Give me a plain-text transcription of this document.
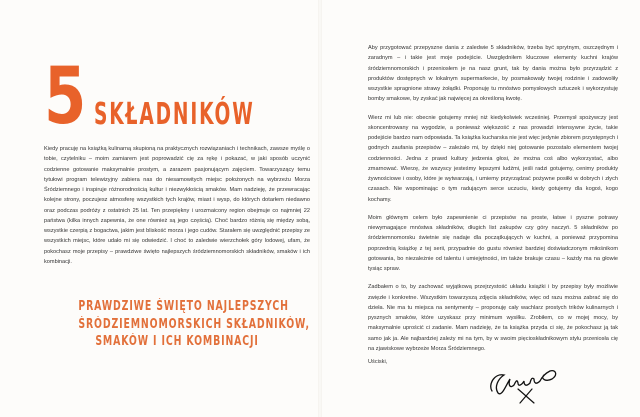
5 SKŁADNIKÓW
Kiedy pracuję na książką kulinarną skupioną na praktycznych rozwiązaniach i technikach, zawsze myślę o tobie, czytelniku – moim zamiarem jest poprowadzić cię za rękę i pokazać, w jaki sposób uczynić codzienne gotowanie maksymalnie prostym, a zarazem pasjonującym zajęciem. Towarzyszący temu tytułowi program telewizyjny zabiera nas do niesamowitych miejsc położonych na wybrzeżu Morza Śródziemnego i inspiruje różnorodnością kultur i niezwykłością smaków. Mam nadzieję, że przewracając kolejne strony, poczujesz atmosferę wszystkich tych krajów, miast i wysp, do których dotarłem niedawno oraz podczas podróży z ostatnich 25 lat. Ten przepiękny i urozmaicony region obejmuje co najmniej 22 państwa (kilka innych zapewnia, że one również są jego częścią). Choć bardzo różnią się między sobą, wszystkie czerpią z bogactwa, jakim jest bliskość morza i jego cudów. Starałem się uwzględnić przepisy ze wszystkich miejsc, które udało mi się odwiedzić. I choć to zaledwie wierzchołek góry lodowej, ufam, że pokochasz moje przepisy – prawdziwe święto najlepszych śródziemnomorskich składników, smaków i ich kombinacji.
PRAWDZIWE ŚWIĘTO NAJLEPSZYCH
ŚRÓDZIEMNOMORSKICH SKŁADNIKÓW,
SMAKÓW I ICH KOMBINACJI

Aby przygotować przepyszne dania z zaledwie 5 składników, trzeba być sprytnym, oszczędnym i zaradnym – i takie jest moje podejście. Uwzględniłem kluczowe elementy kuchni krajów śródziemnomorskich i przeniosłem je na nasz grunt, tak by dania można było przyrządzić z produktów dostępnych w lokalnym supermarkecie, by posmakowały twojej rodzinie i zadowoliły wszystkie spragnione strawy żołądki. Proponuję tu mnóstwo pomysłowych sztuczek i wykorzystuję bomby smakowe, by zyskać jak najwięcej za określoną kwotę.

Wierz mi lub nie: obecnie gotujemy mniej niż kiedykolwiek wcześniej. Przemysł spożywczy jest skoncentrowany na wygodzie, a ponieważ większość z nas prowadzi intensywne życie, takie podejście bardzo nam odpowiada. Ta książka kucharska nie jest więc jedynie zbiorem przystępnych i godnych zaufania przepisów – zależało mi, by dzięki niej gotowanie pozostało elementem twojej codzienności. Jedna z prawd kultury jedzenia głosi, że można coś albo wykorzystać, albo zmarnować. Wierzę, że wszyscy jesteśmy lepszymi ludźmi, jeśli radzi gotujemy, cenimy produkty żywnościowe i osoby, które je wytwarzają, i umiemy przyrządzać pożywne posiłki w dobrych i złych czasach. Nie wspominając o tym radującym serce uczuciu, kiedy gotujemy dla kogoś, kogo kochamy.

Moim głównym celem było zapewnienie ci przepisów na proste, łatwe i pyszne potrawy niewymagające mnóstwa składników, długich list zakupów czy góry naczyń. 5 składników po śródziemnomorsku świetnie się nadaje dla początkujących w kuchni, a ponieważ przypomina poprzednią książkę z tej serii, przypadnie do gustu również bardziej doświadczonym miłośnikom gotowania, bo niezależnie od talentu i umiejętności, im także brakuje czasu – każdy ma na głowie tysiąc spraw.

Zadbałem o to, by zachować wyjątkową przejrzystość układu książki i by przepisy były możliwie zwięzłe i konkretne. Wszystkim towarzyszą zdjęcia składników, więc od razu można zabrać się do dzieła. Nie ma tu miejsca na sentymenty – proponuję cały wachlarz prostych trików kulinarnych i pysznych smaków, które uzyskasz przy minimum wysiłku. Zrobiłem, co w mojej mocy, by maksymalnie uprościć ci zadanie. Mam nadzieję, że ta książka przyda ci się, że pokochasz ją tak samo jak ja. Ale najbardziej zależy mi na tym, by w swoim pięcioskładnikowym stylu przeniosła cię na zjawiskowe wybrzeże Morza Śródziemnego.

Uściski,
